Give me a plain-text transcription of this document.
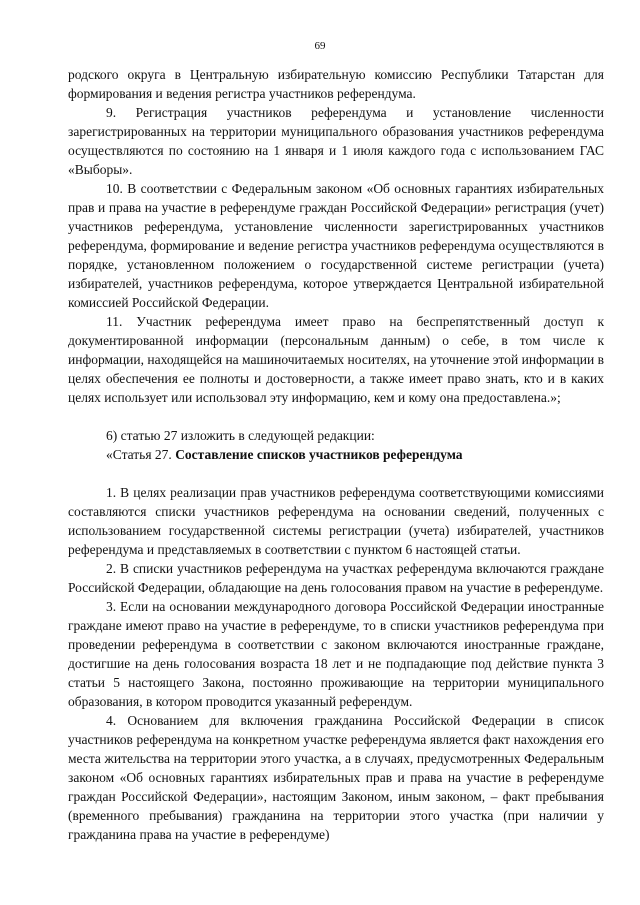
69

родского округа в Центральную избирательную комиссию Республики Татарстан для формирования и ведения регистра участников референдума.

9. Регистрация участников референдума и установление численности зарегистрированных на территории муниципального образования участников референдума осуществляются по состоянию на 1 января и 1 июля каждого года с использованием ГАС «Выборы».

10. В соответствии с Федеральным законом «Об основных гарантиях избирательных прав и права на участие в референдуме граждан Российской Федерации» регистрация (учет) участников референдума, установление численности зарегистрированных участников референдума, формирование и ведение регистра участников референдума осуществляются в порядке, установленном положением о государственной системе регистрации (учета) избирателей, участников референдума, которое утверждается Центральной избирательной комиссией Российской Федерации.

11. Участник референдума имеет право на беспрепятственный доступ к документированной информации (персональным данным) о себе, в том числе к информации, находящейся на машиночитаемых носителях, на уточнение этой информации в целях обеспечения ее полноты и достоверности, а также имеет право знать, кто и в каких целях использует или использовал эту информацию, кем и кому она предоставлена.»;

6) статью 27 изложить в следующей редакции:

«Статья 27. Составление списков участников референдума

1. В целях реализации прав участников референдума соответствующими комиссиями составляются списки участников референдума на основании сведений, полученных с использованием государственной системы регистрации (учета) избирателей, участников референдума и представляемых в соответствии с пунктом 6 настоящей статьи.

2. В списки участников референдума на участках референдума включаются граждане Российской Федерации, обладающие на день голосования правом на участие в референдуме.

3. Если на основании международного договора Российской Федерации иностранные граждане имеют право на участие в референдуме, то в списки участников референдума при проведении референдума в соответствии с законом включаются иностранные граждане, достигшие на день голосования возраста 18 лет и не подпадающие под действие пункта 3 статьи 5 настоящего Закона, постоянно проживающие на территории муниципального образования, в котором проводится указанный референдум.

4. Основанием для включения гражданина Российской Федерации в список участников референдума на конкретном участке референдума является факт нахождения его места жительства на территории этого участка, а в случаях, предусмотренных Федеральным законом «Об основных гарантиях избирательных прав и права на участие в референдуме граждан Российской Федерации», настоящим Законом, иным законом, – факт пребывания (временного пребывания) гражданина на территории этого участка (при наличии у гражданина права на участие в референдуме)
